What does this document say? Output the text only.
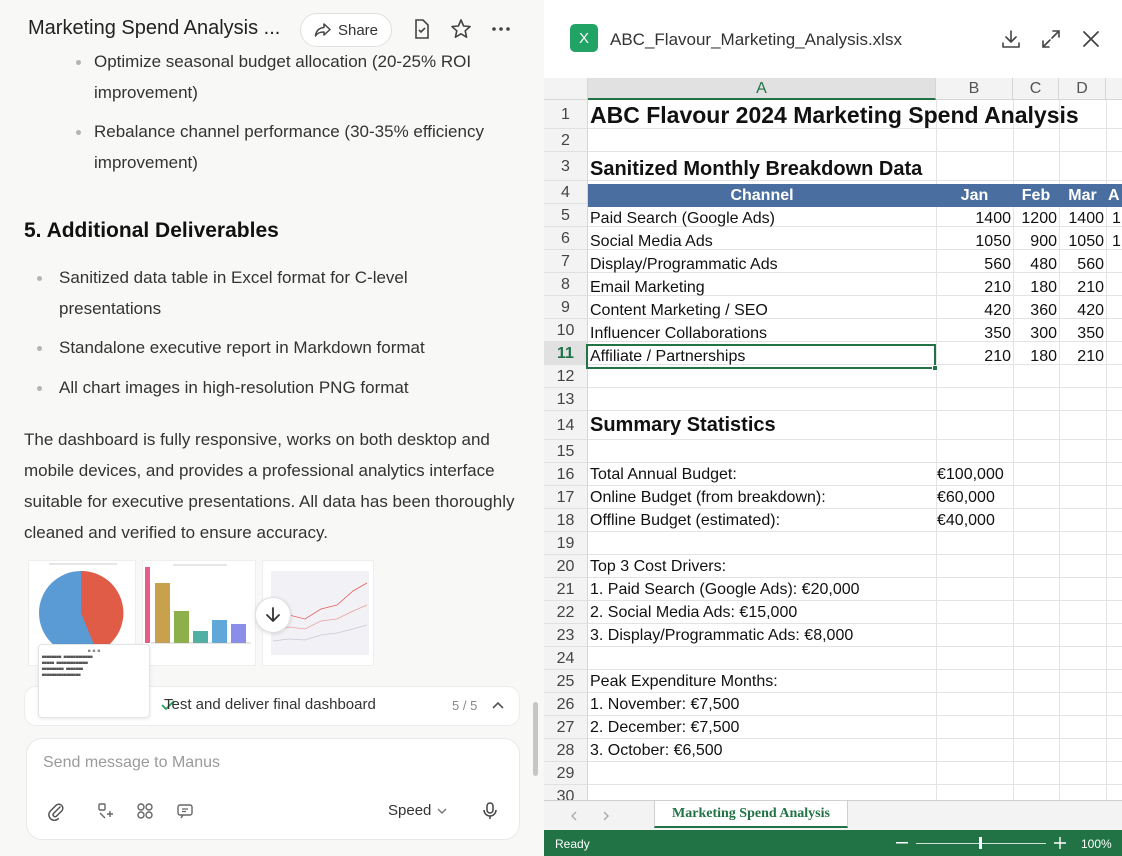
Marketing Spend Analysis ...	Share
Optimize seasonal budget allocation (20-25% ROI
improvement)
Rebalance channel performance (30-35% efficiency
improvement)
5. Additional Deliverables
Sanitized data table in Excel format for C-level
presentations
Standalone executive report in Markdown format
All chart images in high-resolution PNG format
The dashboard is fully responsive, works on both desktop and mobile devices, and provides a professional analytics interface suitable for executive presentations. All data has been thoroughly cleaned and verified to ensure accuracy.
■ ■ ■
■■■■■■■■ ■■■■■■■■■■■■
■■■■■ ■■■■■■■■■■■■■
■■■■■■■■■ ■■■■■■■
■■■■■■■■■■■■■■■■
Test and deliver final dashboard	5 / 5
Send message to Manus
Speed
X	ABC_Flavour_Marketing_Analysis.xlsx
A	B	C	D
1
2
3
4
5
6
7
8
9
10
11
12
13
14
15
16
17
18
19
20
21
22
23
24
25
26
27
28
29
30
ABC Flavour 2024 Marketing Spend Analysis
Sanitized Monthly Breakdown Data
Channel	Jan	Feb	Mar A
Paid Search (Google Ads)	1400 1200 1400 1
Social Media Ads	1050	900 1050 1
Display/Programmatic Ads	560	480	560
Email Marketing	210	180	210
Content Marketing / SEO	420	360	420
Influencer Collaborations	350	300	350
Affiliate / Partnerships	210	180	210
Summary Statistics
Total Annual Budget:	€100,000
Online Budget (from breakdown):	€60,000
Offline Budget (estimated):	€40,000
Top 3 Cost Drivers:
1. Paid Search (Google Ads): €20,000
2. Social Media Ads: €15,000
3. Display/Programmatic Ads: €8,000
Peak Expenditure Months:
1. November: €7,500
2. December: €7,500
3. October: €6,500
Marketing Spend Analysis
Ready	100%
